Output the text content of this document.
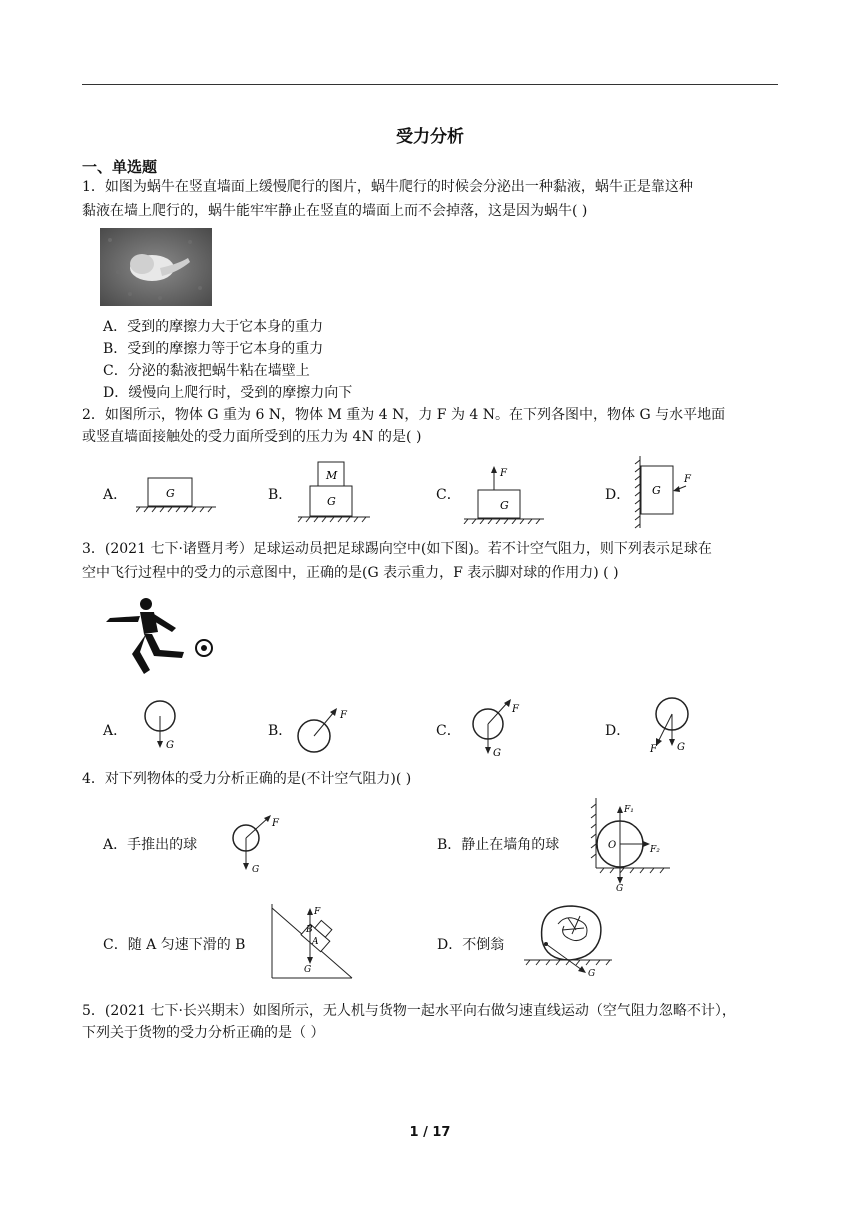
受力分析
一、单选题
1．如图为蜗牛在竖直墙面上缓慢爬行的图片，蜗牛爬行的时候会分泌出一种黏液，蜗牛正是靠这种
黏液在墙上爬行的，蜗牛能牢牢静止在竖直的墙面上而不会掉落，这是因为蜗牛( )
A．受到的摩擦力大于它本身的重力
B．受到的摩擦力等于它本身的重力
C．分泌的黏液把蜗牛粘在墙壁上
D．缓慢向上爬行时，受到的摩擦力向下
2．如图所示，物体 G 重为 6 N，物体 M 重为 4 N，力 F 为 4 N。在下列各图中，物体 G 与水平地面
或竖直墙面接触处的受力面所受到的压力为 4N 的是( )
A．	G	B．
M
G	C．
G
F
D． G
F
3．(2021 七下·诸暨月考）足球运动员把足球踢向空中(如下图)。若不计空气阻力，则下列表示足球在
空中飞行过程中的受力的示意图中，正确的是(G 表示重力，F 表示脚对球的作用力) ( )
A．
G
B．
F
C．
F
G
D．
F G
4．对下列物体的受力分析正确的是(不计空气阻力)( )
A．手推出的球
F
G
B．静止在墙角的球
F₁
F₂
O
G
C．随 A 匀速下滑的 B	A
B
F
G
D．不倒翁
G
5．(2021 七下·长兴期末）如图所示，无人机与货物一起水平向右做匀速直线运动（空气阻力忽略不计），
下列关于货物的受力分析正确的是（ ）
1 / 17
